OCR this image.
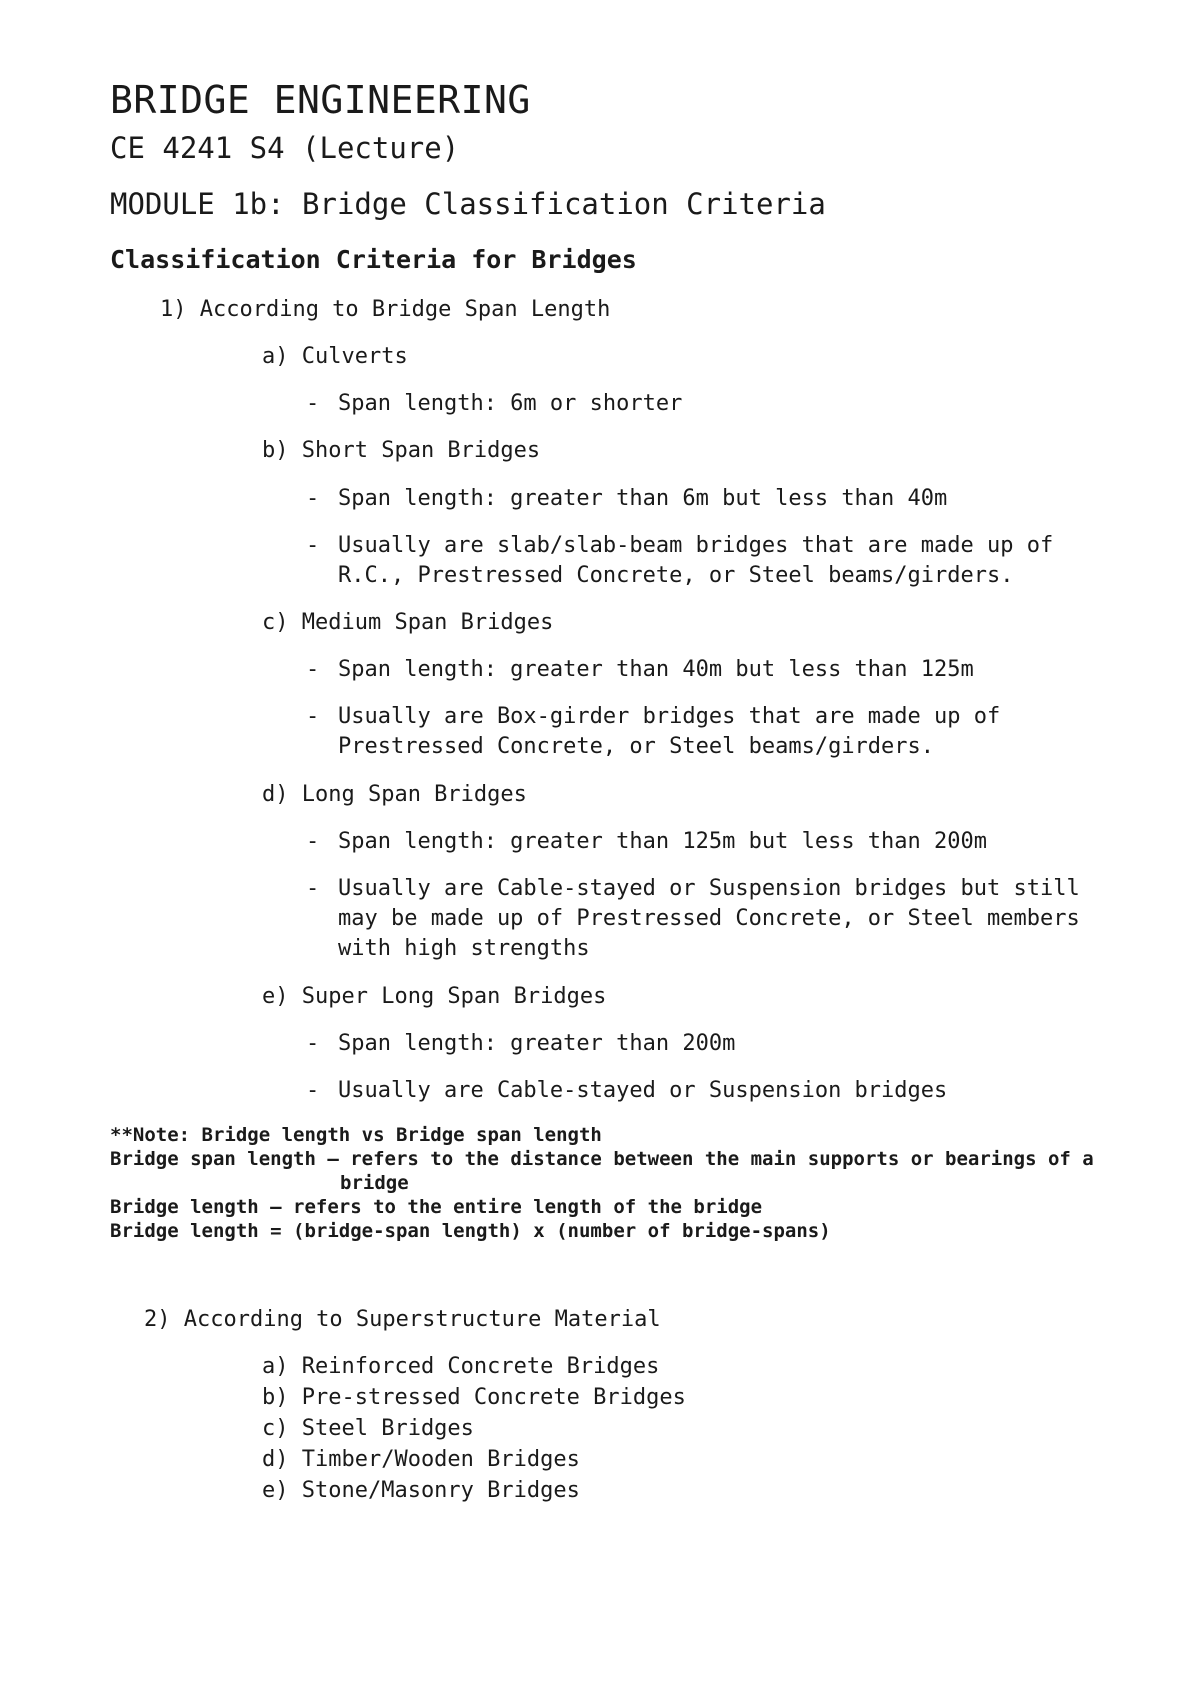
BRIDGE ENGINEERING
CE 4241 S4 (Lecture)
MODULE 1b: Bridge Classification Criteria
Classification Criteria for Bridges
1) According to Bridge Span Length
a) Culverts
- Span length: 6m or shorter
b) Short Span Bridges
- Span length: greater than 6m but less than 40m
- Usually are slab/slab-beam bridges that are made up of
R.C., Prestressed Concrete, or Steel beams/girders.
c) Medium Span Bridges
- Span length: greater than 40m but less than 125m
- Usually are Box-girder bridges that are made up of
Prestressed Concrete, or Steel beams/girders.
d) Long Span Bridges
- Span length: greater than 125m but less than 200m
- Usually are Cable-stayed or Suspension bridges but still
may be made up of Prestressed Concrete, or Steel members
with high strengths
e) Super Long Span Bridges
- Span length: greater than 200m
- Usually are Cable-stayed or Suspension bridges
**Note: Bridge length vs Bridge span length
Bridge span length – refers to the distance between the main supports or bearings of a
bridge
Bridge length – refers to the entire length of the bridge
Bridge length = (bridge-span length) x (number of bridge-spans)
2) According to Superstructure Material
a) Reinforced Concrete Bridges
b) Pre-stressed Concrete Bridges
c) Steel Bridges
d) Timber/Wooden Bridges
e) Stone/Masonry Bridges
